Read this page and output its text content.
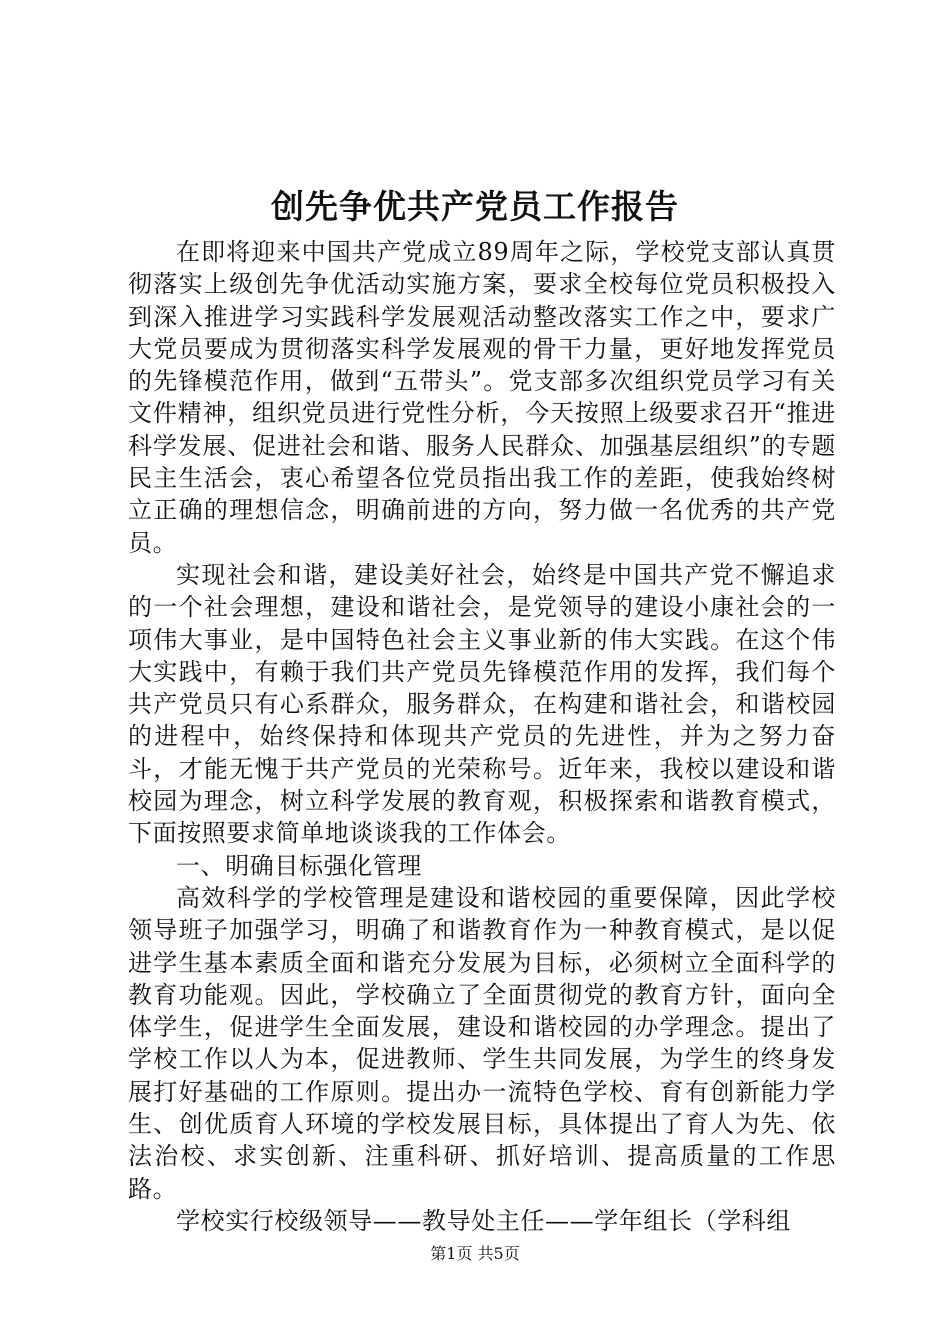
创先争优共产党员工作报告

在即将迎来中国共产党成立89周年之际，学校党支部认真贯彻落实上级创先争优活动实施方案，要求全校每位党员积极投入到深入推进学习实践科学发展观活动整改落实工作之中，要求广大党员要成为贯彻落实科学发展观的骨干力量，更好地发挥党员的先锋模范作用，做到“五带头”。党支部多次组织党员学习有关文件精神，组织党员进行党性分析，今天按照上级要求召开“推进科学发展、促进社会和谐、服务人民群众、加强基层组织”的专题民主生活会，衷心希望各位党员指出我工作的差距，使我始终树立正确的理想信念，明确前进的方向，努力做一名优秀的共产党员。

实现社会和谐，建设美好社会，始终是中国共产党不懈追求的一个社会理想，建设和谐社会，是党领导的建设小康社会的一项伟大事业，是中国特色社会主义事业新的伟大实践。在这个伟大实践中，有赖于我们共产党员先锋模范作用的发挥，我们每个共产党员只有心系群众，服务群众，在构建和谐社会，和谐校园的进程中，始终保持和体现共产党员的先进性，并为之努力奋斗，才能无愧于共产党员的光荣称号。近年来，我校以建设和谐校园为理念，树立科学发展的教育观，积极探索和谐教育模式，下面按照要求简单地谈谈我的工作体会。

一、明确目标强化管理

高效科学的学校管理是建设和谐校园的重要保障，因此学校领导班子加强学习，明确了和谐教育作为一种教育模式，是以促进学生基本素质全面和谐充分发展为目标，必须树立全面科学的教育功能观。因此，学校确立了全面贯彻党的教育方针，面向全体学生，促进学生全面发展，建设和谐校园的办学理念。提出了学校工作以人为本，促进教师、学生共同发展，为学生的终身发展打好基础的工作原则。提出办一流特色学校、育有创新能力学生、创优质育人环境的学校发展目标，具体提出了育人为先、依法治校、求实创新、注重科研、抓好培训、提高质量的工作思路。

学校实行校级领导——教导处主任——学年组长（学科组

第1页 共5页
